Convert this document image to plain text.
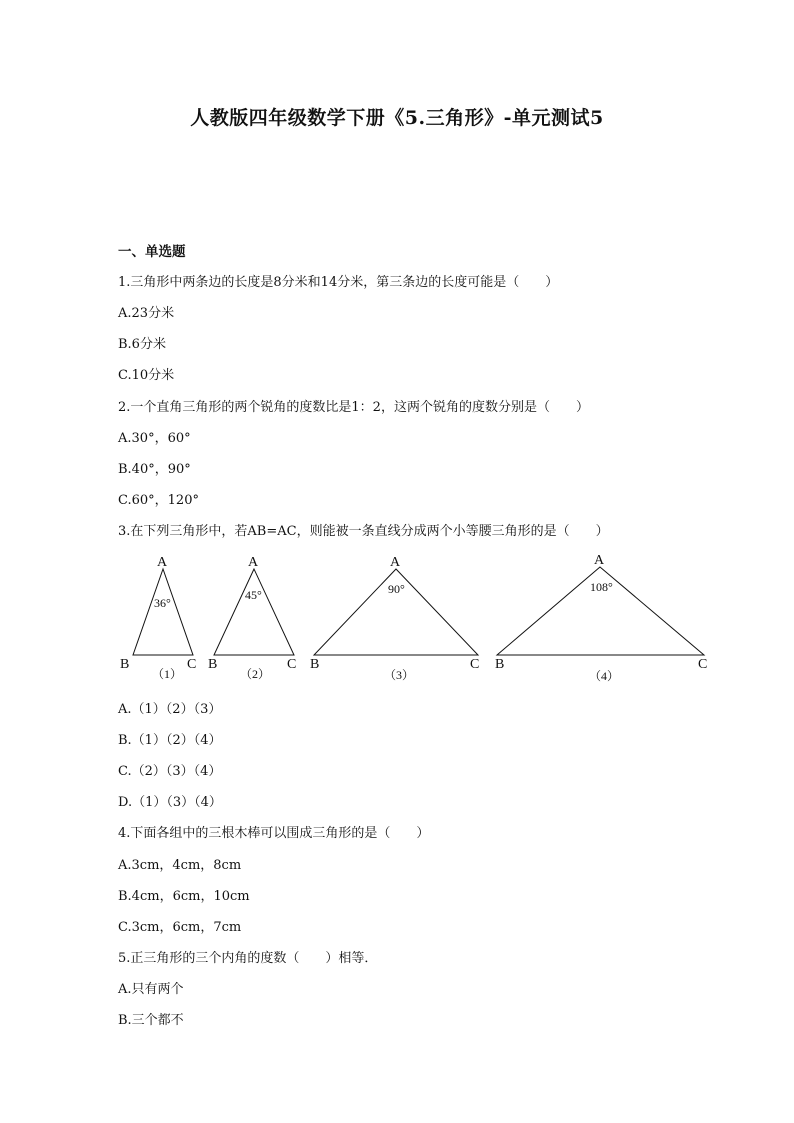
人教版四年级数学下册《5.三角形》-单元测试5
一、单选题
1.三角形中两条边的长度是8分米和14分米，第三条边的长度可能是（　　）
A.23分米
B.6分米
C.10分米
2.一个直角三角形的两个锐角的度数比是1：2，这两个锐角的度数分别是（　　）
A.30°，60°
B.40°，90°
C.60°，120°
3.在下列三角形中，若AB=AC，则能被一条直线分成两个小等腰三角形的是（　　）
A
B	C
36°
（1）
A
B	C
45°
（2）
A
B	C
90°
（3）
A
B	C
108°
（4）
A.（1）（2）（3）
B.（1）（2）（4）
C.（2）（3）（4）
D.（1）（3）（4）
4.下面各组中的三根木棒可以围成三角形的是（　　）
A.3cm，4cm，8cm
B.4cm，6cm，10cm
C.3cm，6cm，7cm
5.正三角形的三个内角的度数（　　）相等．
A.只有两个
B.三个都不
